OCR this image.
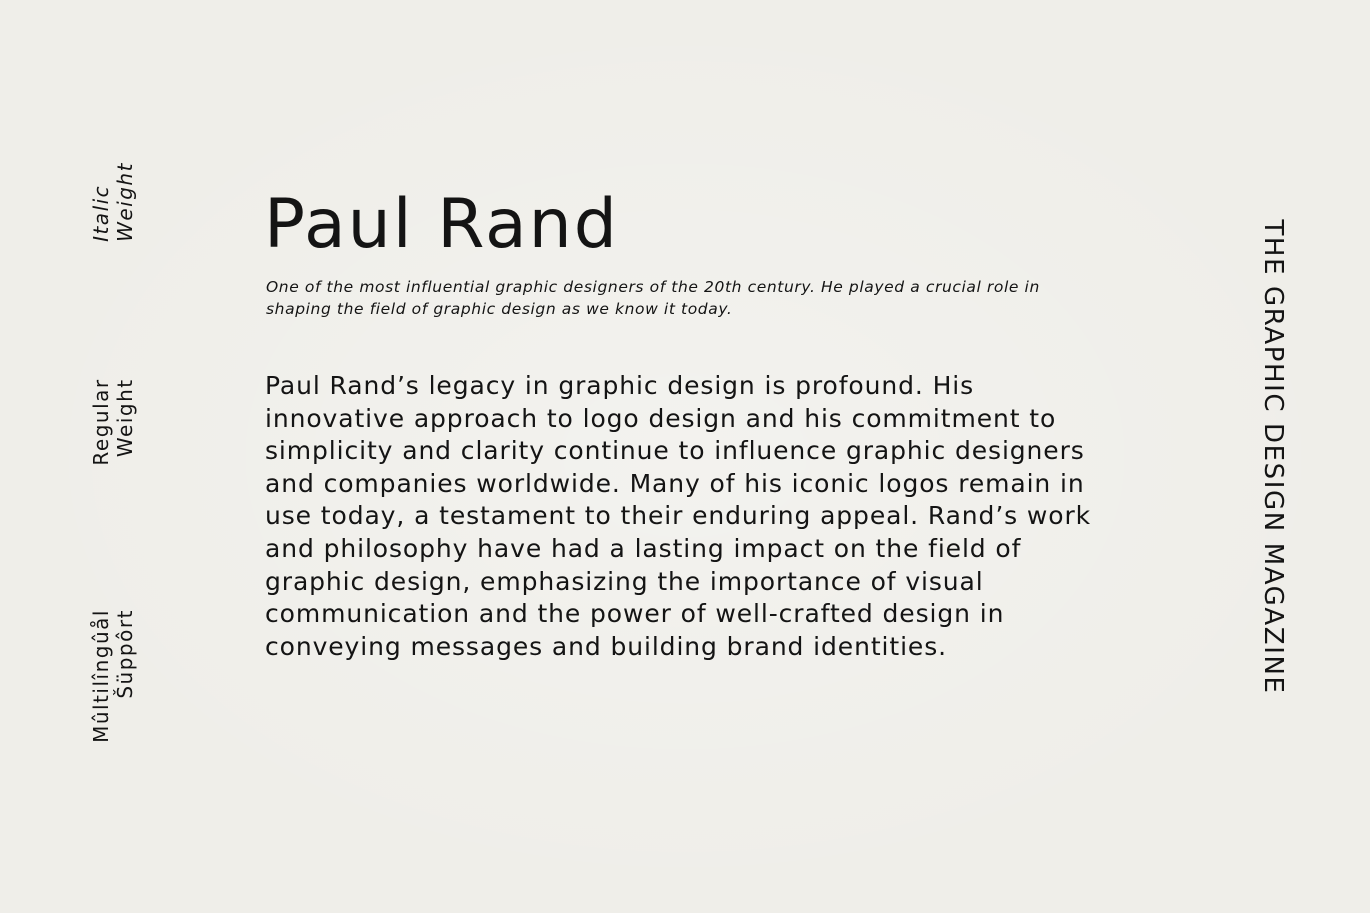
Italic Weight
Regular Weight
Mûltilîngûål Šüppôrt
Paul Rand

One of the most influential graphic designers of the 20th century. He played a crucial role in shaping the field of graphic design as we know it today.

Paul Rand’s legacy in graphic design is profound. His innovative approach to logo design and his commitment to simplicity and clarity continue to influence graphic designers and companies worldwide. Many of his iconic logos remain in use today, a testament to their enduring appeal. Rand’s work and philosophy have had a lasting impact on the field of graphic design, emphasizing the importance of visual communication and the power of well-crafted design in conveying messages and building brand identities.	THE GRAPHIC DESIGN MAGAZINE
